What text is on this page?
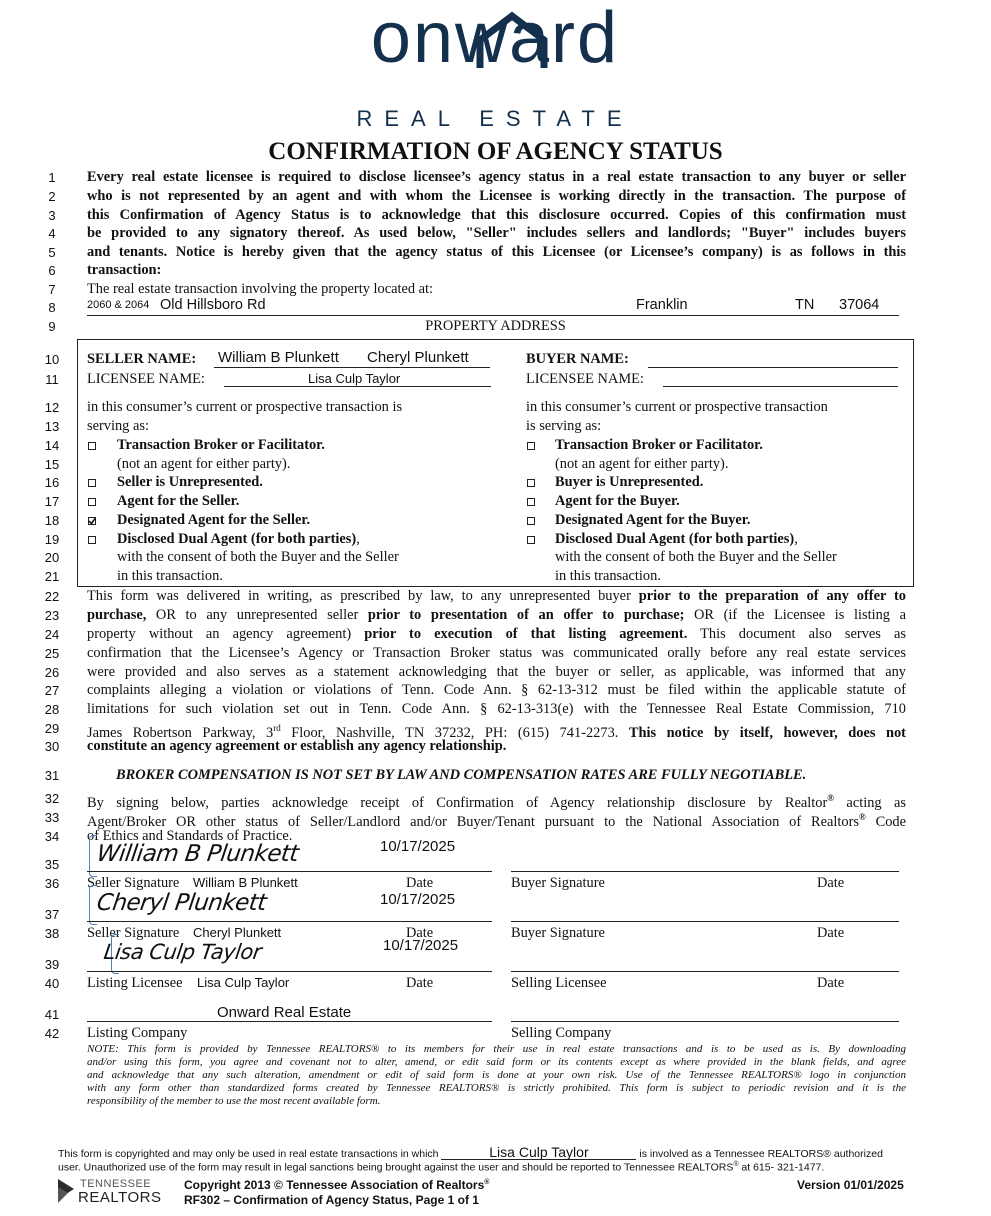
onward
REAL ESTATE
CONFIRMATION OF AGENCY STATUS
1
2
3
4
5
6
7
8
9
10
11
12
13
14
15
16
17
18
19
20
21
22
23
24
25
26
27
28
29
30
31
32
33
34
35
36
37
38
39
40
41
42
Every real estate licensee is required to disclose licensee’s agency status in a real estate transaction to any buyer or seller
who is not represented by an agent and with whom the Licensee is working directly in the transaction. The purpose of
this Confirmation of Agency Status is to acknowledge that this disclosure occurred. Copies of this confirmation must
be provided to any signatory thereof. As used below, "Seller" includes sellers and landlords; "Buyer" includes buyers
and tenants. Notice is hereby given that the agency status of this Licensee (or Licensee’s company) is as follows in this
transaction:
The real estate transaction involving the property located at:
2060 & 2064 Old Hillsboro Rd	Franklin	TN 37064
PROPERTY ADDRESS
SELLER NAME: William B Plunkett Cheryl Plunkett
LICENSEE NAME:	Lisa Culp Taylor
in this consumer’s current or prospective transaction is
serving as:
Transaction Broker or Facilitator.
(not an agent for either party).
Seller is Unrepresented.
Agent for the Seller.
Designated Agent for the Seller.
Disclosed Dual Agent (for both parties),
with the consent of both the Buyer and the Seller
in this transaction.
BUYER NAME:
LICENSEE NAME:
in this consumer’s current or prospective transaction
is serving as:
Transaction Broker or Facilitator.
(not an agent for either party).
Buyer is Unrepresented.
Agent for the Buyer.
Designated Agent for the Buyer.
Disclosed Dual Agent (for both parties),
with the consent of both the Buyer and the Seller
in this transaction.
This form was delivered in writing, as prescribed by law, to any unrepresented buyer prior to the preparation of any offer to
purchase, OR to any unrepresented seller prior to presentation of an offer to purchase; OR (if the Licensee is listing a
property without an agency agreement) prior to execution of that listing agreement. This document also serves as
confirmation that the Licensee’s Agency or Transaction Broker status was communicated orally before any real estate services
were provided and also serves as a statement acknowledging that the buyer or seller, as applicable, was informed that any
complaints alleging a violation or violations of Tenn. Code Ann. § 62-13-312 must be filed within the applicable statute of
limitations for such violation set out in Tenn. Code Ann. § 62-13-313(e) with the Tennessee Real Estate Commission, 710
James Robertson Parkway, 3rd Floor, Nashville, TN 37232, PH: (615) 741-2273. This notice by itself, however, does not
constitute an agency agreement or establish any agency relationship.
BROKER COMPENSATION IS NOT SET BY LAW AND COMPENSATION RATES ARE FULLY NEGOTIABLE.
By signing below, parties acknowledge receipt of Confirmation of Agency relationship disclosure by Realtor® acting as
Agent/Broker OR other status of Seller/Landlord and/or Buyer/Tenant pursuant to the National Association of Realtors® Code
of Ethics and Standards of Practice.
William B Plunkett	10/17/2025
Seller Signature William B Plunkett	Date	Buyer Signature	Date
Cheryl Plunkett	10/17/2025
Seller Signature Cheryl Plunkett	Date	Buyer Signature	Date
Lisa Culp Taylor	10/17/2025
Listing Licensee Lisa Culp Taylor	Date	Selling Licensee	Date
Onward Real Estate
Listing Company	Selling Company
NOTE: This form is provided by Tennessee REALTORS® to its members for their use in real estate transactions and is to be used as is. By downloading
and/or using this form, you agree and covenant not to alter, amend, or edit said form or its contents except as where provided in the blank fields, and agree
and acknowledge that any such alteration, amendment or edit of said form is done at your own risk. Use of the Tennessee REALTORS® logo in conjunction
with any form other than standardized forms created by Tennessee REALTORS® is strictly prohibited. This form is subject to periodic revision and it is the
responsibility of the member to use the most recent available form.
This form is copyrighted and may only be used in real estate transactions in which	Lisa Culp Taylor	is involved as a Tennessee REALTORS® authorized
user. Unauthorized use of the form may result in legal sanctions being brought against the user and should be reported to Tennessee REALTORS® at 615- 321-1477.
TENNESSEE
REALTORS
Copyright 2013 © Tennessee Association of Realtors®
RF302 – Confirmation of Agency Status, Page 1 of 1
Version 01/01/2025
